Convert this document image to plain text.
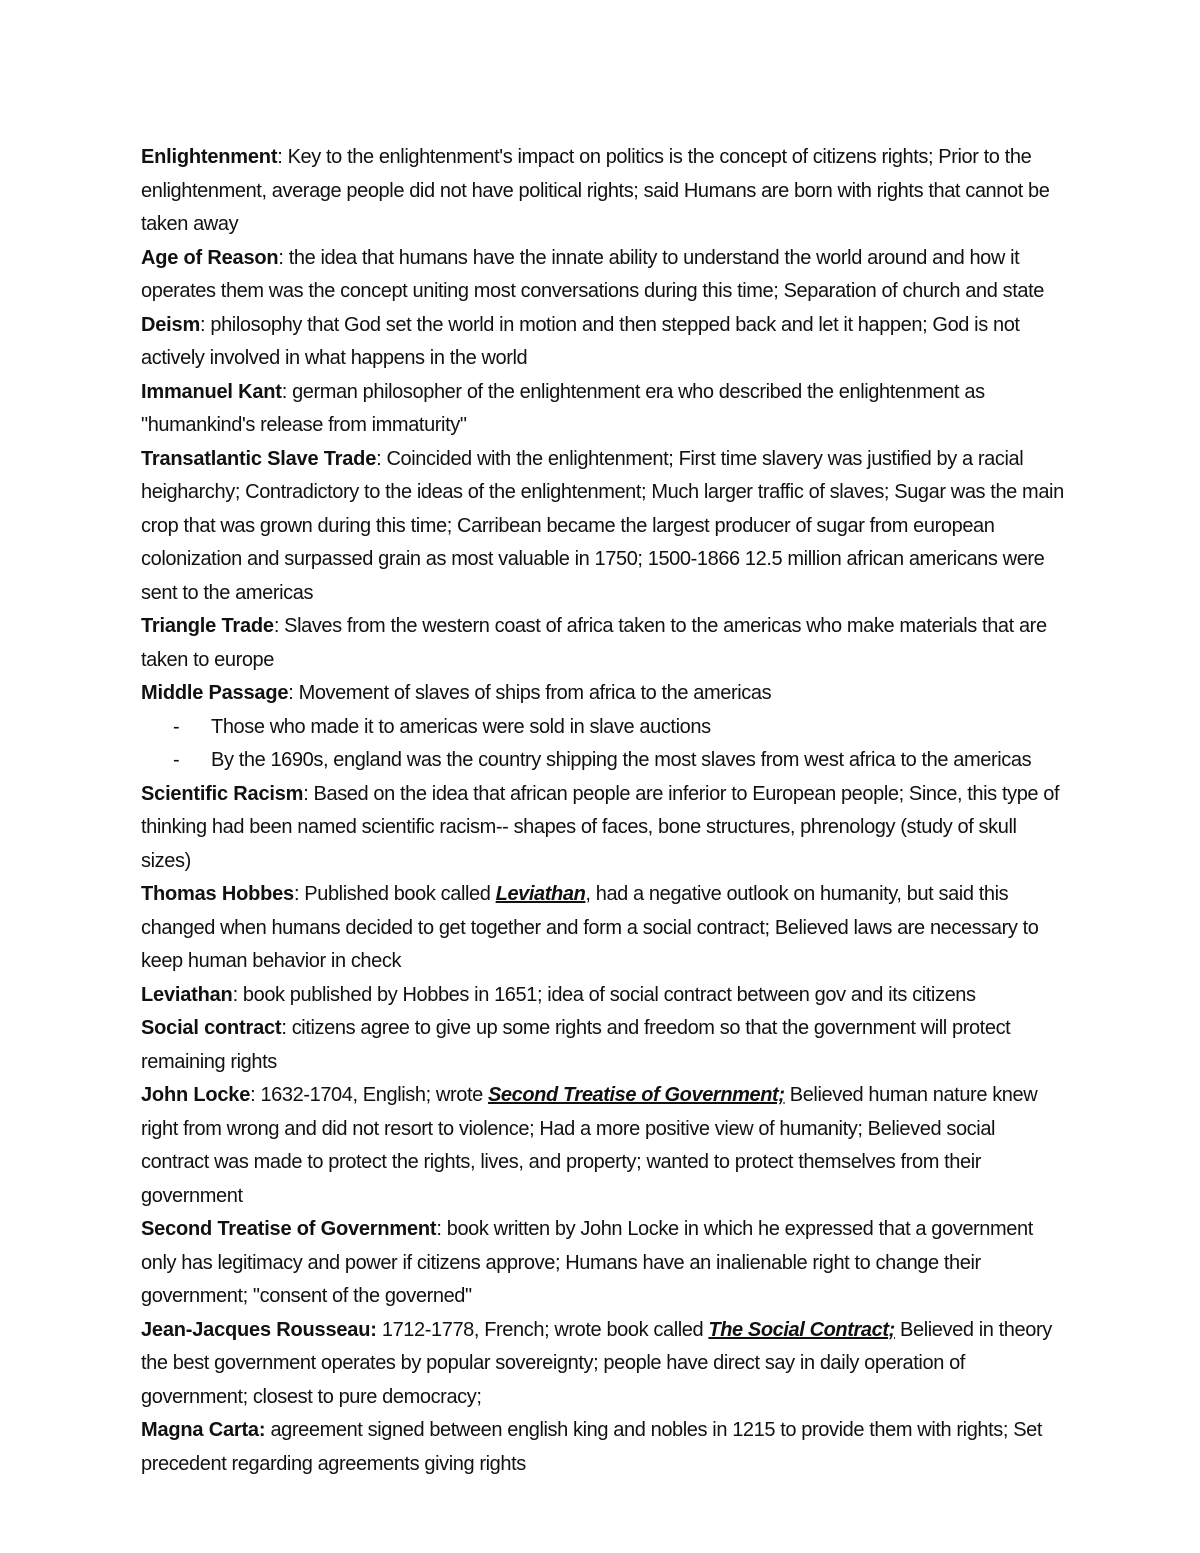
Enlightenment: Key to the enlightenment's impact on politics is the concept of citizens rights; Prior to the enlightenment, average people did not have political rights; said Humans are born with rights that cannot be taken away

Age of Reason: the idea that humans have the innate ability to understand the world around and how it operates them was the concept uniting most conversations during this time; Separation of church and state

Deism: philosophy that God set the world in motion and then stepped back and let it happen; God is not actively involved in what happens in the world

Immanuel Kant: german philosopher of the enlightenment era who described the enlightenment as "humankind's release from immaturity"

Transatlantic Slave Trade: Coincided with the enlightenment; First time slavery was justified by a racial heigharchy; Contradictory to the ideas of the enlightenment; Much larger traffic of slaves; Sugar was the main crop that was grown during this time; Carribean became the largest producer of sugar from european colonization and surpassed grain as most valuable in 1750; 1500-1866 12.5 million african americans were sent to the americas

Triangle Trade: Slaves from the western coast of africa taken to the americas who make materials that are taken to europe

Middle Passage: Movement of slaves of ships from africa to the americas

- Those who made it to americas were sold in slave auctions
- By the 1690s, england was the country shipping the most slaves from west africa to the americas

Scientific Racism: Based on the idea that african people are inferior to European people; Since, this type of thinking had been named scientific racism-- shapes of faces, bone structures, phrenology (study of skull sizes)

Thomas Hobbes: Published book called Leviathan, had a negative outlook on humanity, but said this changed when humans decided to get together and form a social contract; Believed laws are necessary to keep human behavior in check

Leviathan: book published by Hobbes in 1651; idea of social contract between gov and its citizens

Social contract: citizens agree to give up some rights and freedom so that the government will protect remaining rights

John Locke: 1632-1704, English; wrote Second Treatise of Government; Believed human nature knew right from wrong and did not resort to violence; Had a more positive view of humanity; Believed social contract was made to protect the rights, lives, and property; wanted to protect themselves from their government

Second Treatise of Government: book written by John Locke in which he expressed that a government only has legitimacy and power if citizens approve; Humans have an inalienable right to change their government; "consent of the governed"

Jean-Jacques Rousseau: 1712-1778, French; wrote book called The Social Contract; Believed in theory the best government operates by popular sovereignty; people have direct say in daily operation of government; closest to pure democracy;

Magna Carta: agreement signed between english king and nobles in 1215 to provide them with rights; Set precedent regarding agreements giving rights
